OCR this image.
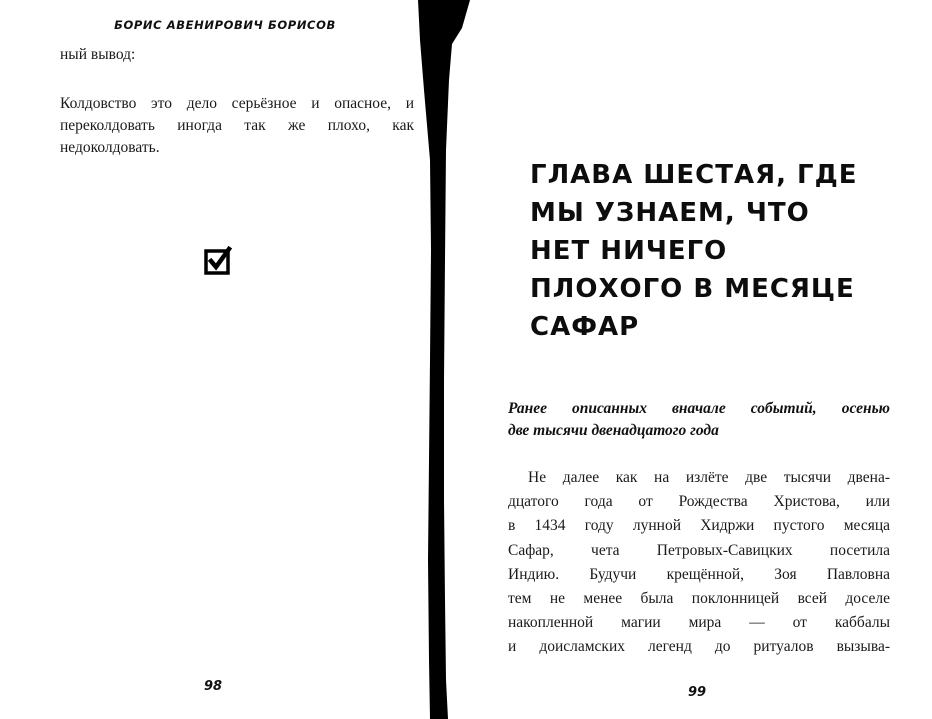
БОРИС АВЕНИРОВИЧ БОРИСОВ
ный вывод:
Колдовство это дело серьёзное и опасное, и переколдовать иногда так же плохо, как недоколдовать.
98
ГЛАВА ШЕСТАЯ, ГДЕ
МЫ УЗНАЕМ, ЧТО
НЕТ НИЧЕГО
ПЛОХОГО В МЕСЯЦЕ
САФАР
Ранее описанных вначале событий, осенью
две тысячи двенадцатого года
Не далее как на излёте две тысячи двена-
дцатого года от Рождества Христова, или
в 1434 году лунной Хидржи пустого месяца
Сафар, чета Петровых-Савицких посетила
Индию. Будучи крещённой, Зоя Павловна
тем не менее была поклонницей всей доселе
накопленной магии мира — от каббалы
и доисламских легенд до ритуалов вызыва-
99
